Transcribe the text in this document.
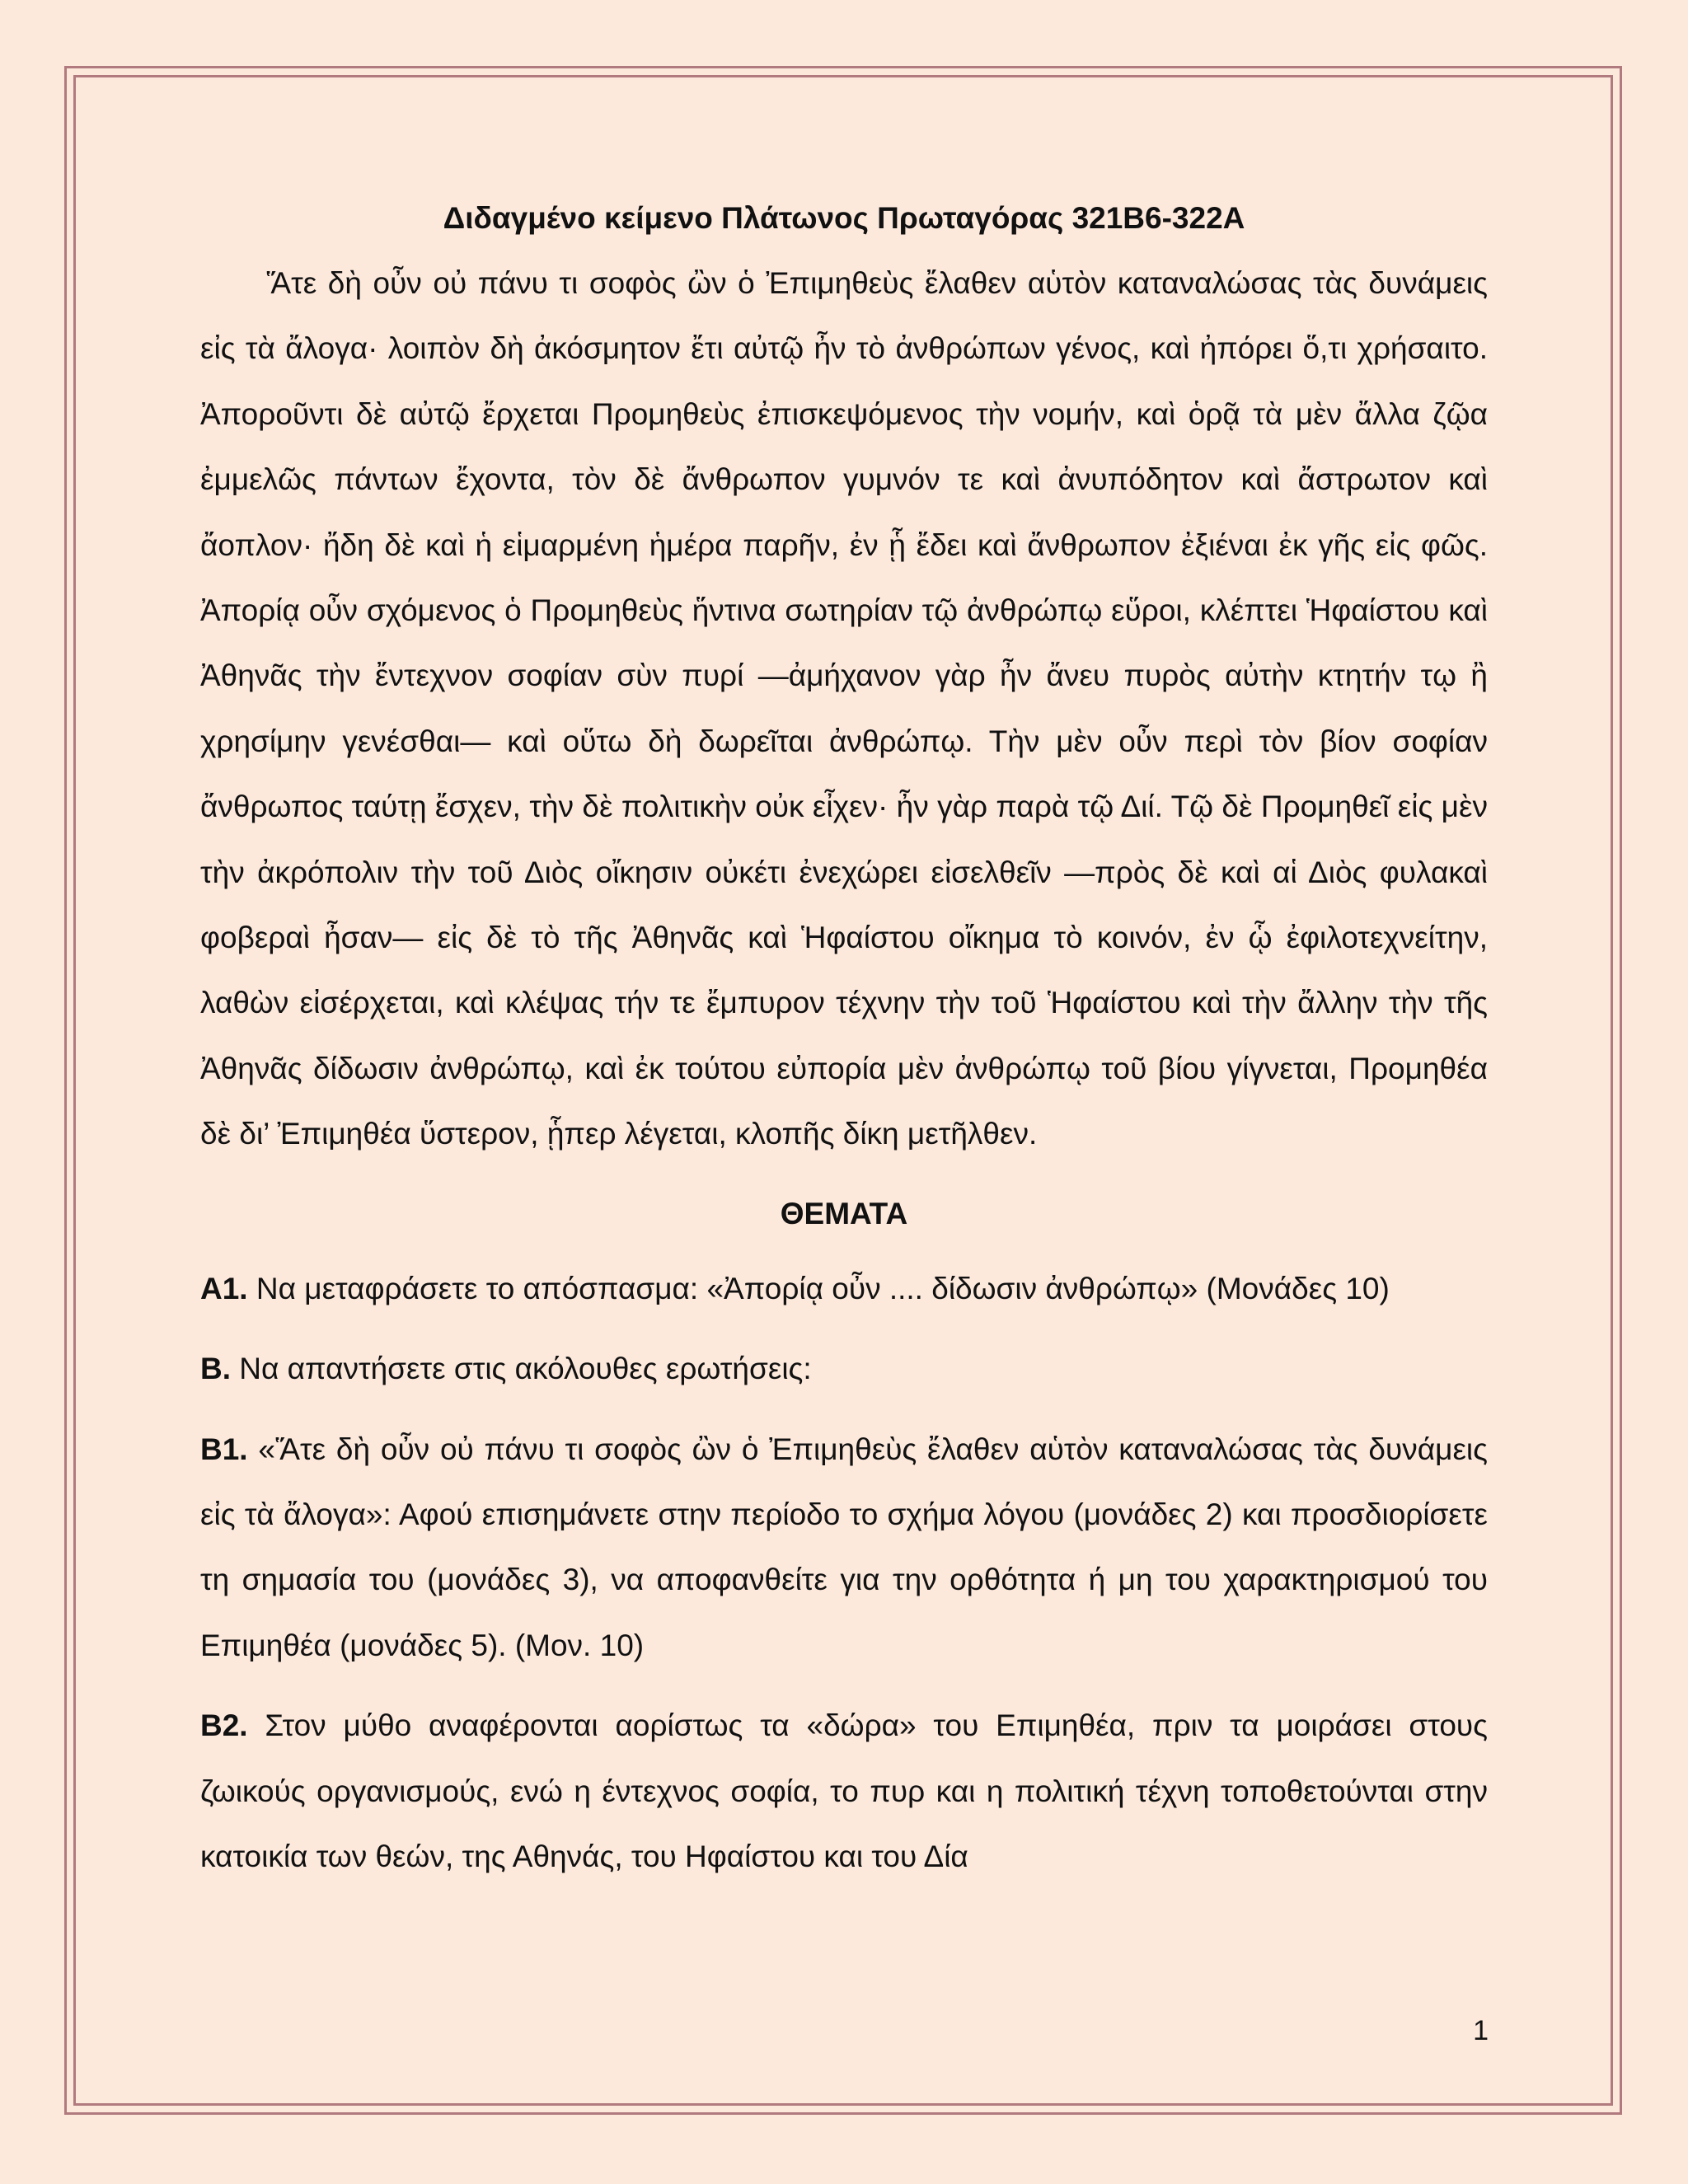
Διδαγμένο κείμενο Πλάτωνος Πρωταγόρας 321Β6-322Α

Ἅτε δὴ οὖν οὐ πάνυ τι σοφὸς ὢν ὁ Ἐπιμηθεὺς ἔλαθεν αὑτὸν καταναλώσας τὰς δυνάμεις εἰς τὰ ἄλογα· λοιπὸν δὴ ἀκόσμητον ἔτι αὐτῷ ἦν τὸ ἀνθρώπων γένος, καὶ ἠπόρει ὅ,τι χρήσαιτο. Ἀποροῦντι δὲ αὐτῷ ἔρχεται Προμηθεὺς ἐπισκεψόμενος τὴν νομήν, καὶ ὁρᾷ τὰ μὲν ἄλλα ζῷα ἐμμελῶς πάντων ἔχοντα, τὸν δὲ ἄνθρωπον γυμνόν τε καὶ ἀνυπόδητον καὶ ἄστρωτον καὶ ἄοπλον· ἤδη δὲ καὶ ἡ εἱμαρμένη ἡμέρα παρῆν, ἐν ᾗ ἔδει καὶ ἄνθρωπον ἐξιέναι ἐκ γῆς εἰς φῶς. Ἀπορίᾳ οὖν σχόμενος ὁ Προμηθεὺς ἥντινα σωτηρίαν τῷ ἀνθρώπῳ εὕροι, κλέπτει Ἡφαίστου καὶ Ἀθηνᾶς τὴν ἔντεχνον σοφίαν σὺν πυρί —ἀμήχανον γὰρ ἦν ἄνευ πυρὸς αὐτὴν κτητήν τῳ ἢ χρησίμην γενέσθαι— καὶ οὕτω δὴ δωρεῖται ἀνθρώπῳ. Τὴν μὲν οὖν περὶ τὸν βίον σοφίαν ἄνθρωπος ταύτῃ ἔσχεν, τὴν δὲ πολιτικὴν οὐκ εἶχεν· ἦν γὰρ παρὰ τῷ Διί. Τῷ δὲ Προμηθεῖ εἰς μὲν τὴν ἀκρόπολιν τὴν τοῦ Διὸς οἴκησιν οὐκέτι ἐνεχώρει εἰσελθεῖν —πρὸς δὲ καὶ αἱ Διὸς φυλακαὶ φοβεραὶ ἦσαν— εἰς δὲ τὸ τῆς Ἀθηνᾶς καὶ Ἡφαίστου οἴκημα τὸ κοινόν, ἐν ᾧ ἐφιλοτεχνείτην, λαθὼν εἰσέρχεται, καὶ κλέψας τήν τε ἔμπυρον τέχνην τὴν τοῦ Ἡφαίστου καὶ τὴν ἄλλην τὴν τῆς Ἀθηνᾶς δίδωσιν ἀνθρώπῳ, καὶ ἐκ τούτου εὐπορία μὲν ἀνθρώπῳ τοῦ βίου γίγνεται, Προμηθέα δὲ δι’ Ἐπιμηθέα ὕστερον, ᾗπερ λέγεται, κλοπῆς δίκη μετῆλθεν.

ΘΕΜΑΤΑ

Α1. Να μεταφράσετε το απόσπασμα: «Ἀπορίᾳ οὖν .... δίδωσιν ἀνθρώπῳ» (Μονάδες 10)

Β. Να απαντήσετε στις ακόλουθες ερωτήσεις:

Β1. «Ἅτε δὴ οὖν οὐ πάνυ τι σοφὸς ὢν ὁ Ἐπιμηθεὺς ἔλαθεν αὑτὸν καταναλώσας τὰς δυνάμεις εἰς τὰ ἄλογα»: Αφού επισημάνετε στην περίοδο το σχήμα λόγου (μονάδες 2) και προσδιορίσετε τη σημασία του (μονάδες 3), να αποφανθείτε για την ορθότητα ή μη του χαρακτηρισμού του Επιμηθέα (μονάδες 5). (Μον. 10)

Β2. Στον μύθο αναφέρονται αορίστως τα «δώρα» του Επιμηθέα, πριν τα μοιράσει στους ζωικούς οργανισμούς, ενώ η έντεχνος σοφία, το πυρ και η πολιτική τέχνη τοποθετούνται στην κατοικία των θεών, της Αθηνάς, του Ηφαίστου και του Δία

1
